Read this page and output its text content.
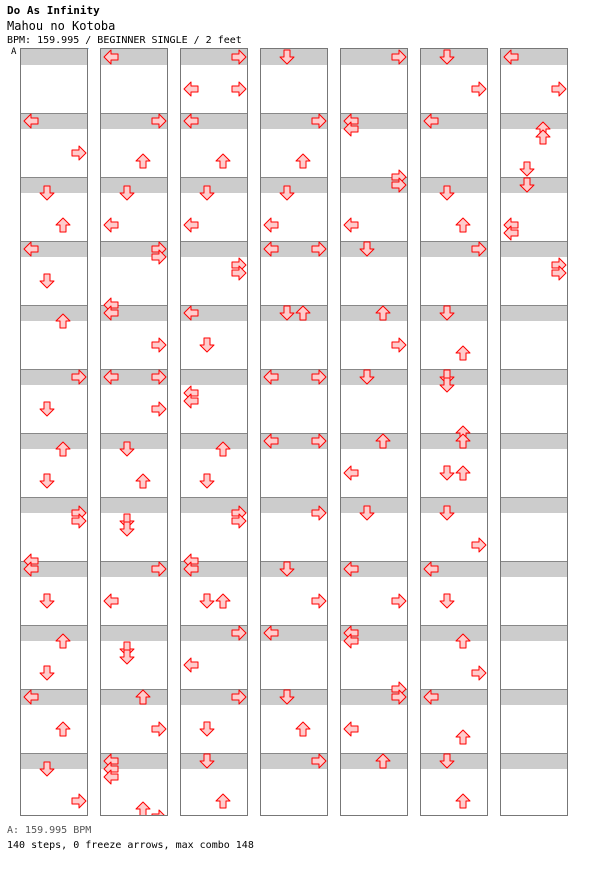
Do As Infinity
Mahou no Kotoba
BPM: 159.995 / BEGINNER SINGLE / 2 feet
A
A: 159.995 BPM
140 steps, 0 freeze arrows, max combo 148
